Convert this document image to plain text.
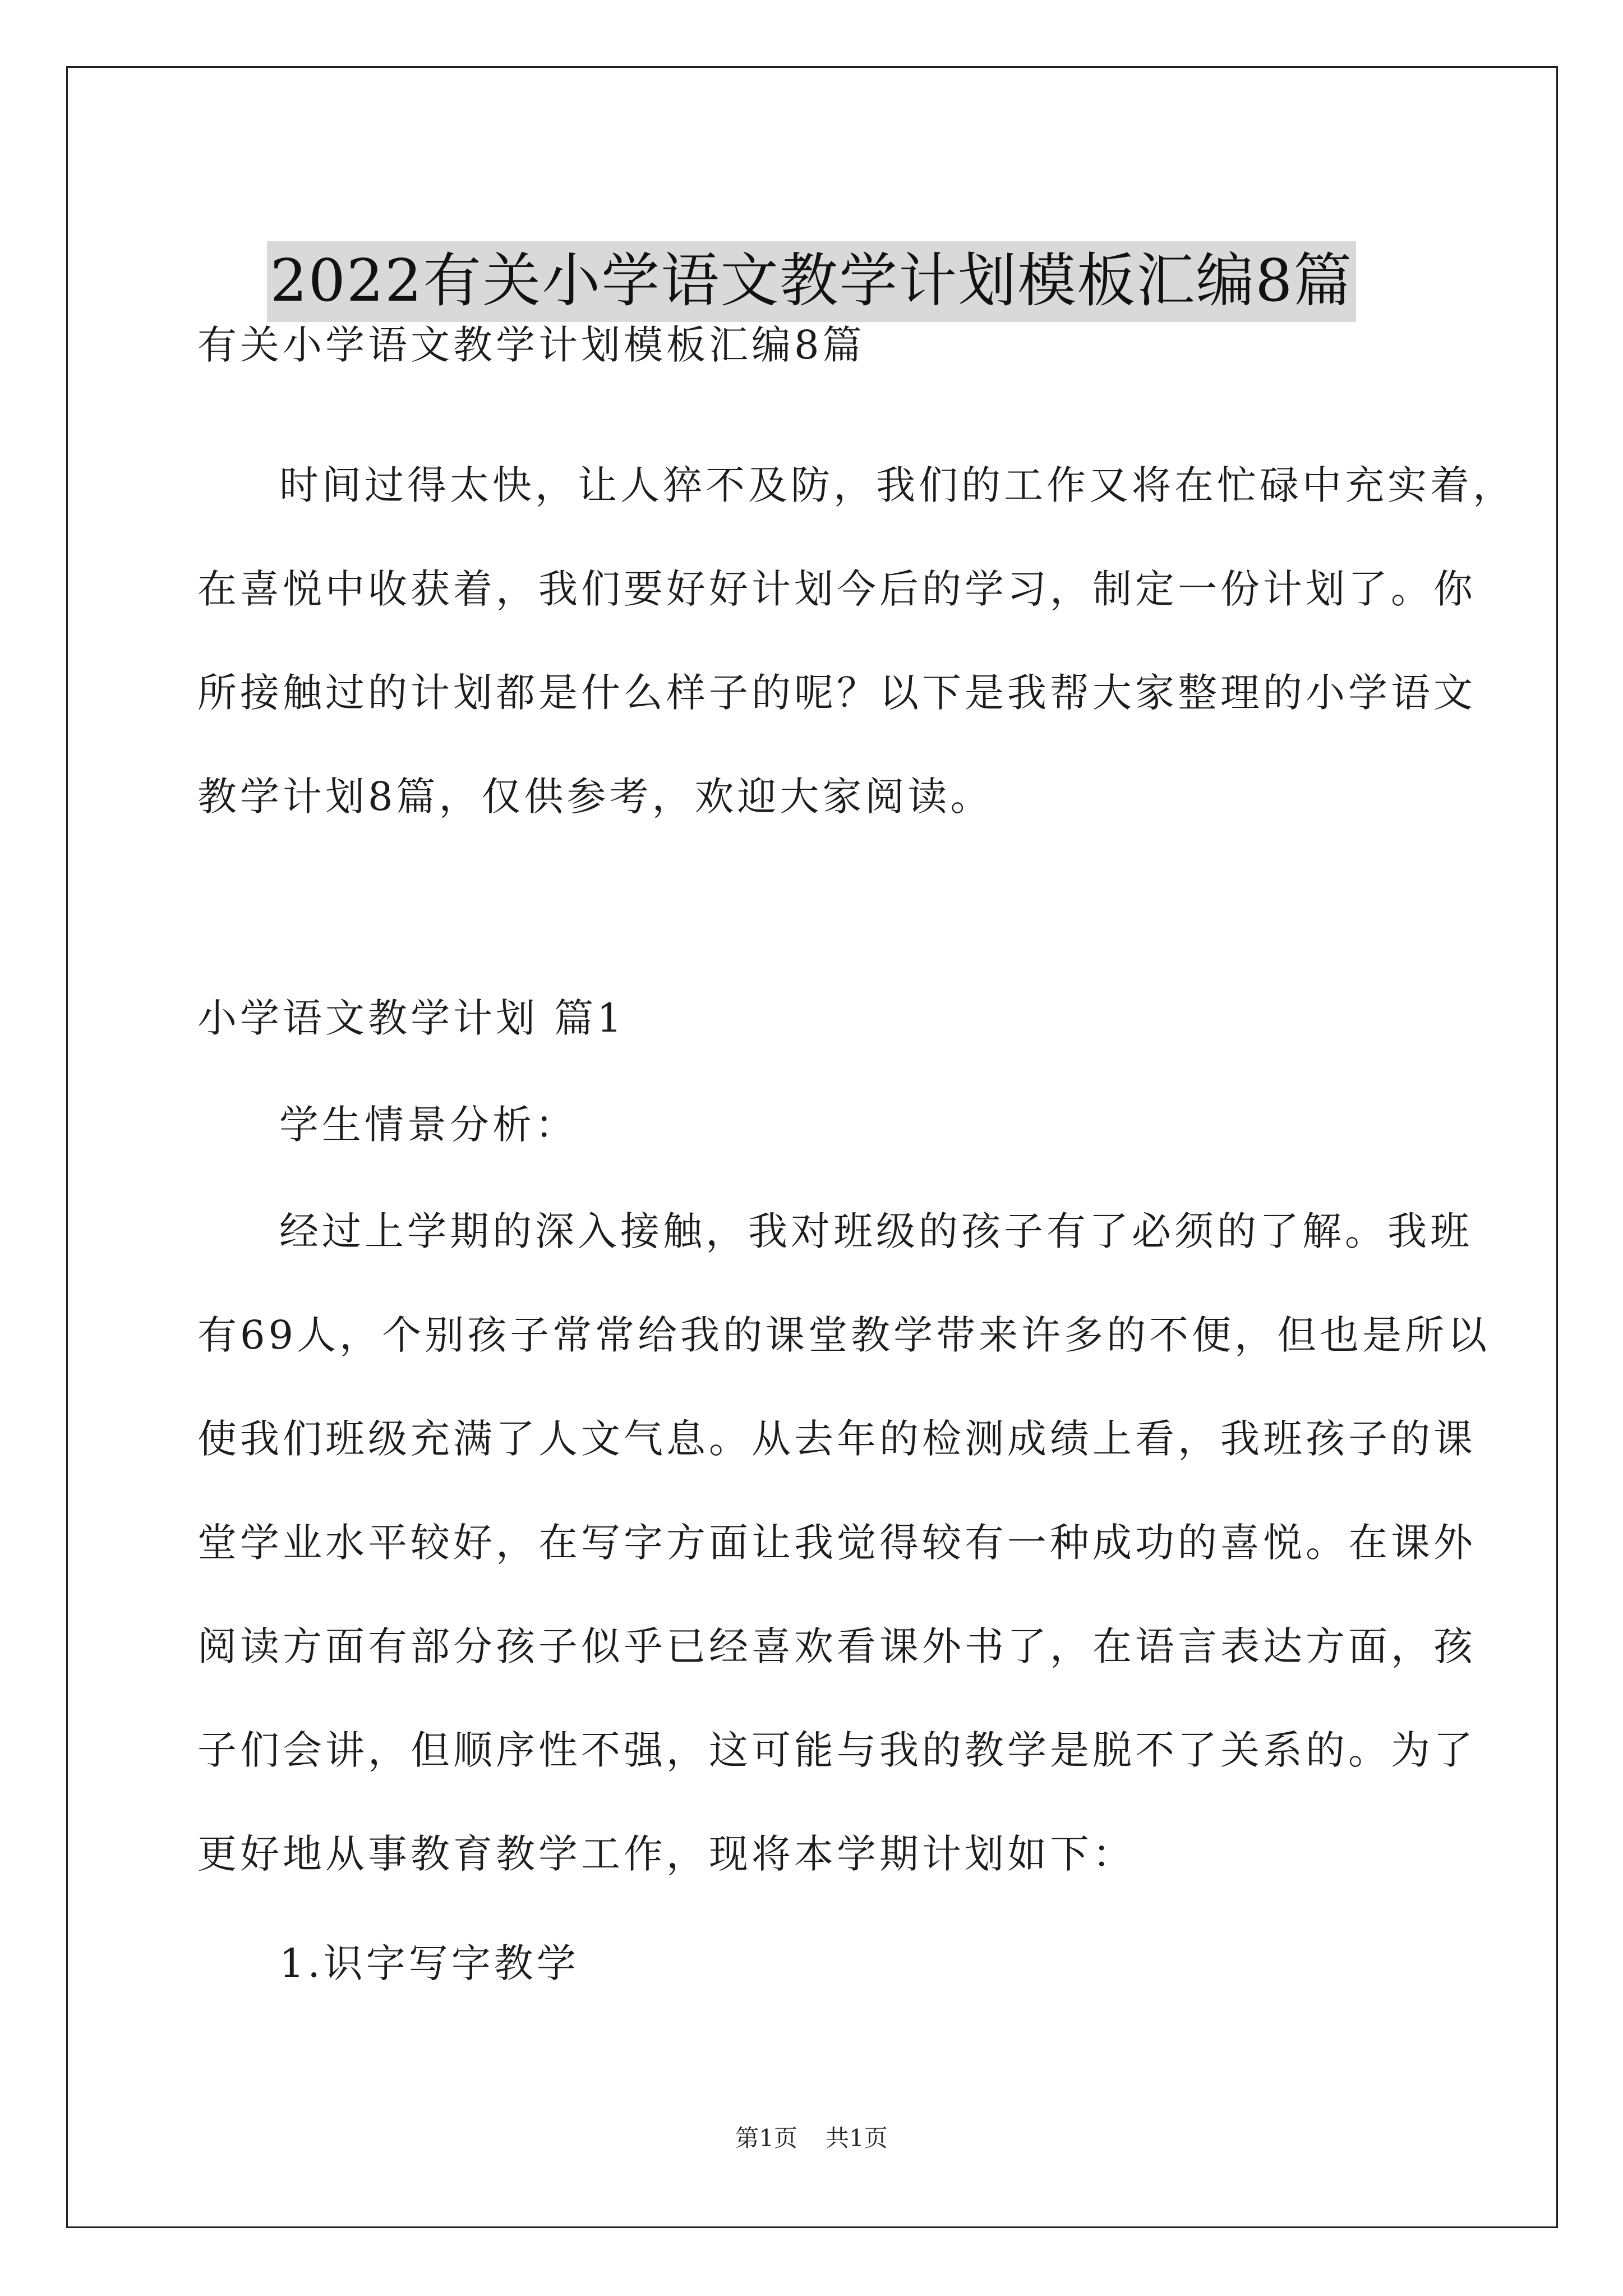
2022有关小学语文教学计划模板汇编8篇
有关小学语文教学计划模板汇编8篇
时间过得太快，让人猝不及防，我们的工作又将在忙碌中充实着，
在喜悦中收获着，我们要好好计划今后的学习，制定一份计划了。你
所接触过的计划都是什么样子的呢？以下是我帮大家整理的小学语文
教学计划8篇，仅供参考，欢迎大家阅读。
小学语文教学计划 篇1
学生情景分析：
经过上学期的深入接触，我对班级的孩子有了必须的了解。我班
有69人，个别孩子常常给我的课堂教学带来许多的不便，但也是所以
使我们班级充满了人文气息。从去年的检测成绩上看，我班孩子的课
堂学业水平较好，在写字方面让我觉得较有一种成功的喜悦。在课外
阅读方面有部分孩子似乎已经喜欢看课外书了，在语言表达方面，孩
子们会讲，但顺序性不强，这可能与我的教学是脱不了关系的。为了
更好地从事教育教学工作，现将本学期计划如下：
1.识字写字教学
第1页 共1页
